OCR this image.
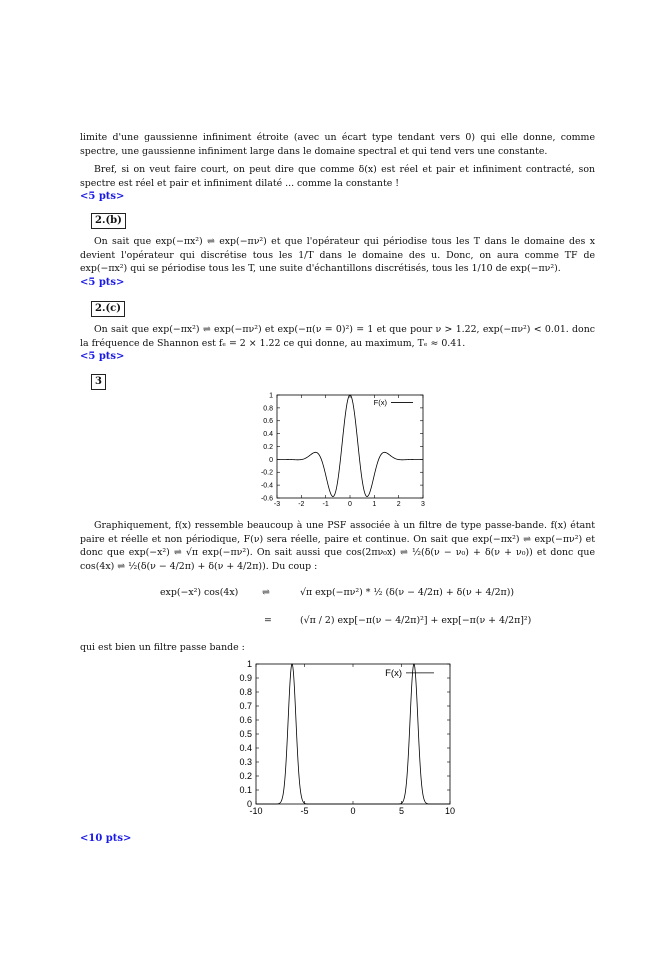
limite d'une gaussienne infiniment étroite (avec un écart type tendant vers 0) qui elle donne, comme spectre, une gaussienne infiniment large dans le domaine spectral et qui tend vers une constante.

Bref, si on veut faire court, on peut dire que comme δ(x) est réel et pair et infiniment contracté, son spectre est réel et pair et infiniment dilaté ... comme la constante !

<5 pts>

2.(b)

On sait que exp(−πx²) ⇌ exp(−πν²) et que l'opérateur qui périodise tous les T dans le domaine des x devient l'opérateur qui discrétise tous les 1/T dans le domaine des u. Donc, on aura comme TF de exp(−πx²) qui se périodise tous les T, une suite d'échantillons discrétisés, tous les 1/10 de exp(−πν²).

<5 pts>

2.(c)

On sait que exp(−πx²) ⇌ exp(−πν²) et exp(−π(ν = 0)²) = 1 et que pour ν > 1.22, exp(−πν²) < 0.01. donc la fréquence de Shannon est fₑ = 2 × 1.22 ce qui donne, au maximum, Tₑ ≈ 0.41.

<5 pts>

3
-3	-2	-1	0	1	2	3
1
0.8
0.6
0.4
0.2
0
-0.2
-0.4
-0.6
F(x)

Graphiquement, f(x) ressemble beaucoup à une PSF associée à un filtre de type passe-bande. f(x) étant paire et réelle et non périodique, F(ν) sera réelle, paire et continue. On sait que exp(−πx²) ⇌ exp(−πν²) et donc que exp(−x²) ⇌ √π exp(−πν²). On sait aussi que cos(2πν₀x) ⇌ ½(δ(ν − ν₀) + δ(ν + ν₀)) et donc que cos(4x) ⇌ ½(δ(ν − 4/2π) + δ(ν + 4/2π)). Du coup :

exp(−x²) cos(4x)	⇌	√π exp(−πν²) * ½ (δ(ν − 4/2π) + δ(ν + 4/2π))
=	(√π / 2) exp[−π(ν − 4/2π)²] + exp[−π(ν + 4/2π]²)

qui est bien un filtre passe bande :

-10	-5	0	5	10
1
0.9
0.8
0.7
0.6
0.5
0.4
0.3
0.2
0.1
0
F(x)

<10 pts>
